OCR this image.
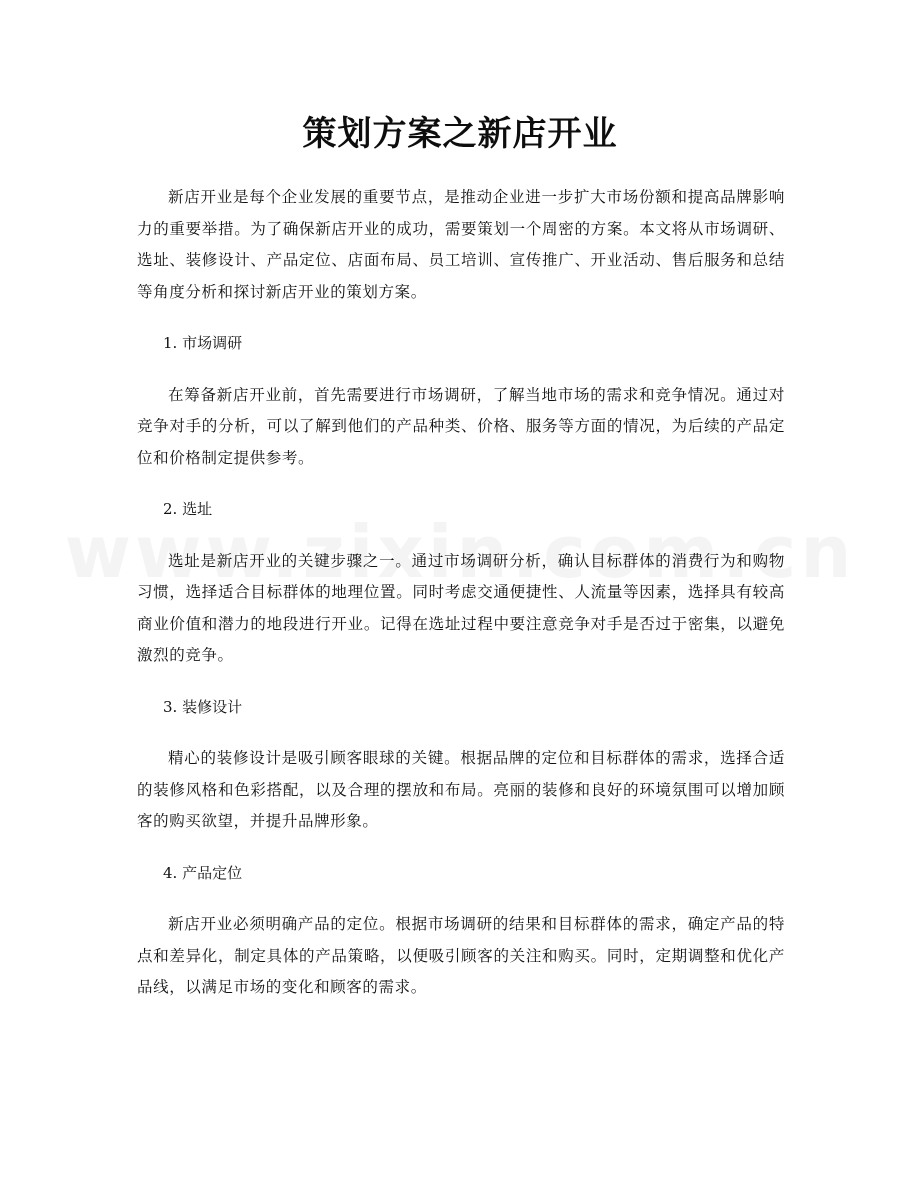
策划方案之新店开业

新店开业是每个企业发展的重要节点，是推动企业进一步扩大市场份额和提高品牌影响力的重要举措。为了确保新店开业的成功，需要策划一个周密的方案。本文将从市场调研、选址、装修设计、产品定位、店面布局、员工培训、宣传推广、开业活动、售后服务和总结等角度分析和探讨新店开业的策划方案。

1. 市场调研

在筹备新店开业前，首先需要进行市场调研，了解当地市场的需求和竞争情况。通过对竞争对手的分析，可以了解到他们的产品种类、价格、服务等方面的情况，为后续的产品定位和价格制定提供参考。

2. 选址

选址是新店开业的关键步骤之一。通过市场调研分析，确认目标群体的消费行为和购物习惯，选择适合目标群体的地理位置。同时考虑交通便捷性、人流量等因素，选择具有较高商业价值和潜力的地段进行开业。记得在选址过程中要注意竞争对手是否过于密集，以避免激烈的竞争。

3. 装修设计

精心的装修设计是吸引顾客眼球的关键。根据品牌的定位和目标群体的需求，选择合适的装修风格和色彩搭配，以及合理的摆放和布局。亮丽的装修和良好的环境氛围可以增加顾客的购买欲望，并提升品牌形象。

4. 产品定位

新店开业必须明确产品的定位。根据市场调研的结果和目标群体的需求，确定产品的特点和差异化，制定具体的产品策略，以便吸引顾客的关注和购买。同时，定期调整和优化产品线，以满足市场的变化和顾客的需求。
